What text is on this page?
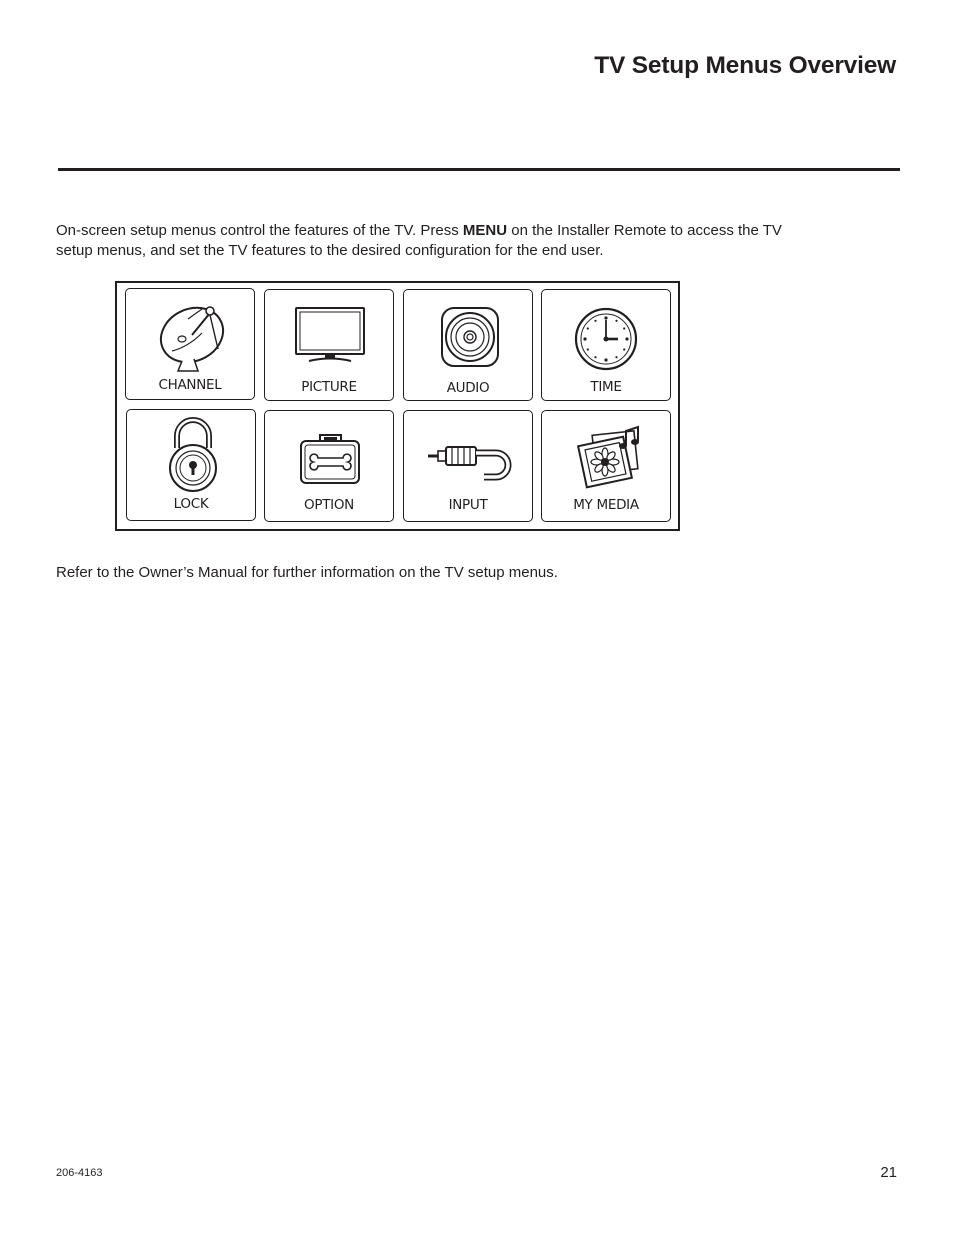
TV Setup Menus Overview

On-screen setup menus control the features of the TV. Press MENU on the Installer Remote to access the TV setup menus, and set the TV features to the desired configuration for the end user.

CHANNEL	PICTURE	AUDIO	TIME
LOCK	OPTION	INPUT	MY MEDIA
Refer to the Owner’s Manual for further information on the TV setup menus.
206-4163	21
